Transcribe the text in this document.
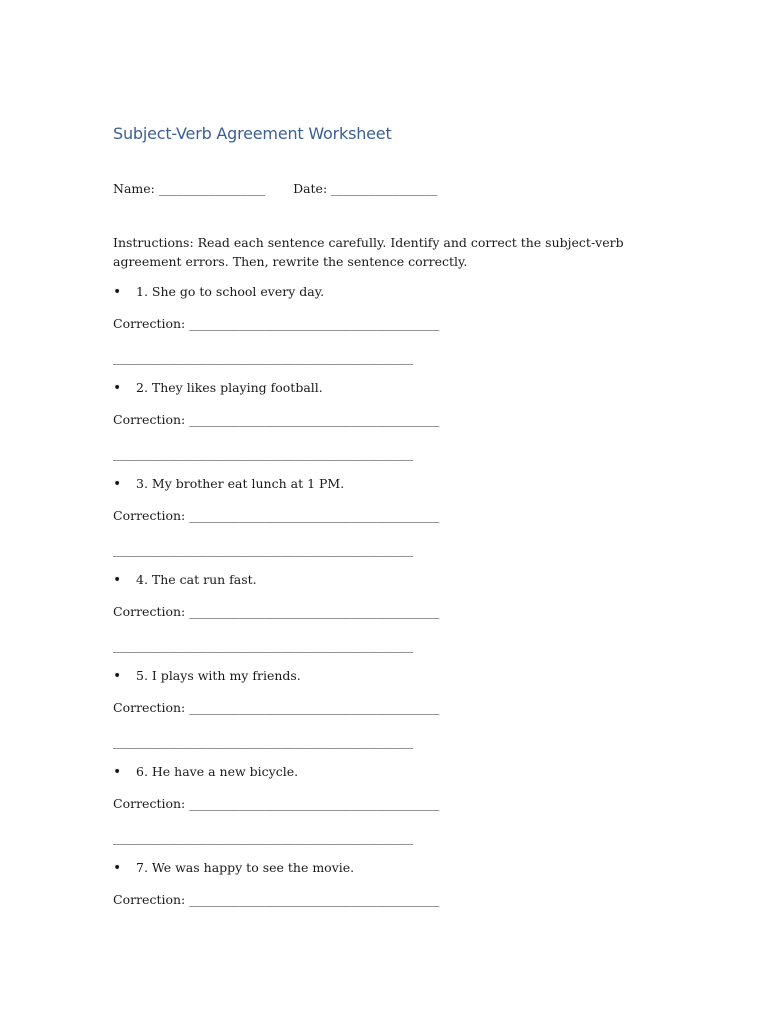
Subject-Verb Agreement Worksheet
Name: _________________ Date: _________________

Instructions: Read each sentence carefully. Identify and correct the subject-verb agreement errors. Then, rewrite the sentence correctly.

•	1. She go to school every day.
Correction: ________________________________________
________________________________________________
•	2. They likes playing football.
Correction: ________________________________________
________________________________________________
•	3. My brother eat lunch at 1 PM.
Correction: ________________________________________
________________________________________________
•	4. The cat run fast.
Correction: ________________________________________
________________________________________________
•	5. I plays with my friends.
Correction: ________________________________________
________________________________________________
•	6. He have a new bicycle.
Correction: ________________________________________
________________________________________________
•	7. We was happy to see the movie.
Correction: ________________________________________
